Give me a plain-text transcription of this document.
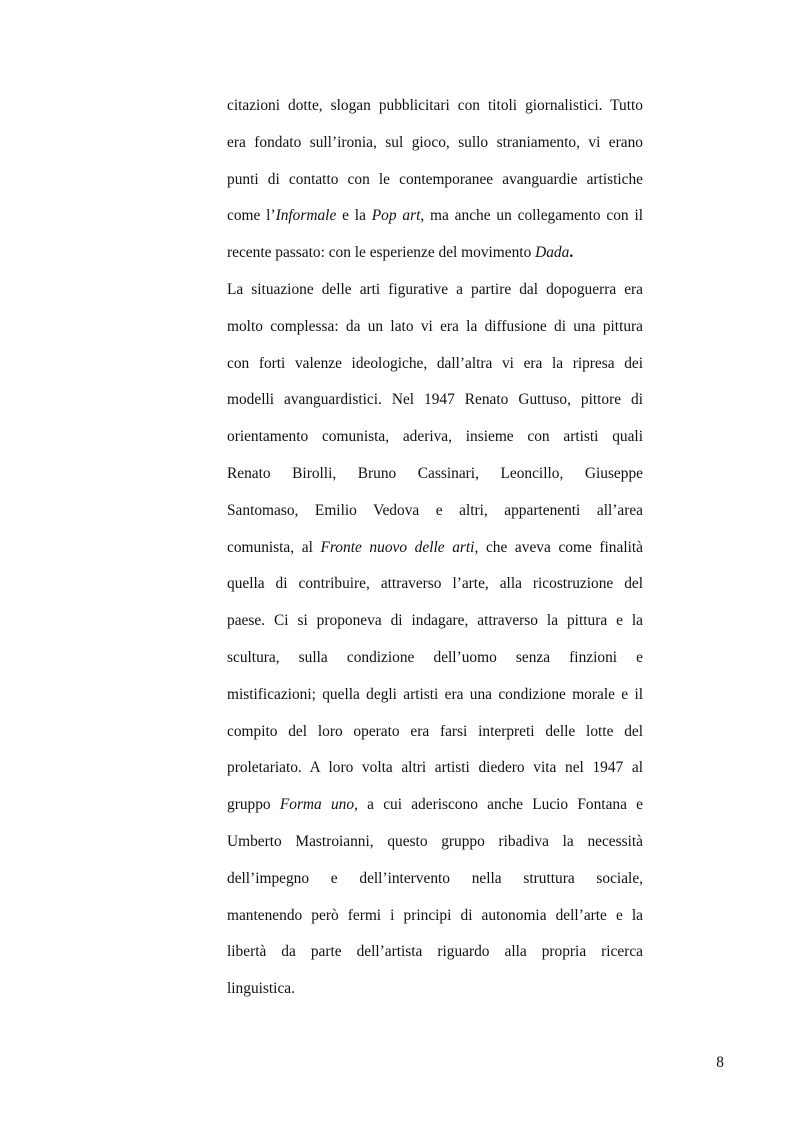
citazioni dotte, slogan pubblicitari con titoli giornalistici. Tutto
era fondato sull’ironia, sul gioco, sullo straniamento, vi erano
punti di contatto con le contemporanee avanguardie artistiche
come l’Informale e la Pop art, ma anche un collegamento con il
recente passato: con le esperienze del movimento Dada.
La situazione delle arti figurative a partire dal dopoguerra era
molto complessa: da un lato vi era la diffusione di una pittura
con forti valenze ideologiche, dall’altra vi era la ripresa dei
modelli avanguardistici. Nel 1947 Renato Guttuso, pittore di
orientamento comunista, aderiva, insieme con artisti quali
Renato Birolli, Bruno Cassinari, Leoncillo, Giuseppe
Santomaso, Emilio Vedova e altri, appartenenti all’area
comunista, al Fronte nuovo delle arti, che aveva come finalità
quella di contribuire, attraverso l’arte, alla ricostruzione del
paese. Ci si proponeva di indagare, attraverso la pittura e la
scultura, sulla condizione dell’uomo senza finzioni e
mistificazioni; quella degli artisti era una condizione morale e il
compito del loro operato era farsi interpreti delle lotte del
proletariato. A loro volta altri artisti diedero vita nel 1947 al
gruppo Forma uno, a cui aderiscono anche Lucio Fontana e
Umberto Mastroianni, questo gruppo ribadiva la necessità
dell’impegno e dell’intervento nella struttura sociale,
mantenendo però fermi i principi di autonomia dell’arte e la
libertà da parte dell’artista riguardo alla propria ricerca
linguistica.
8
